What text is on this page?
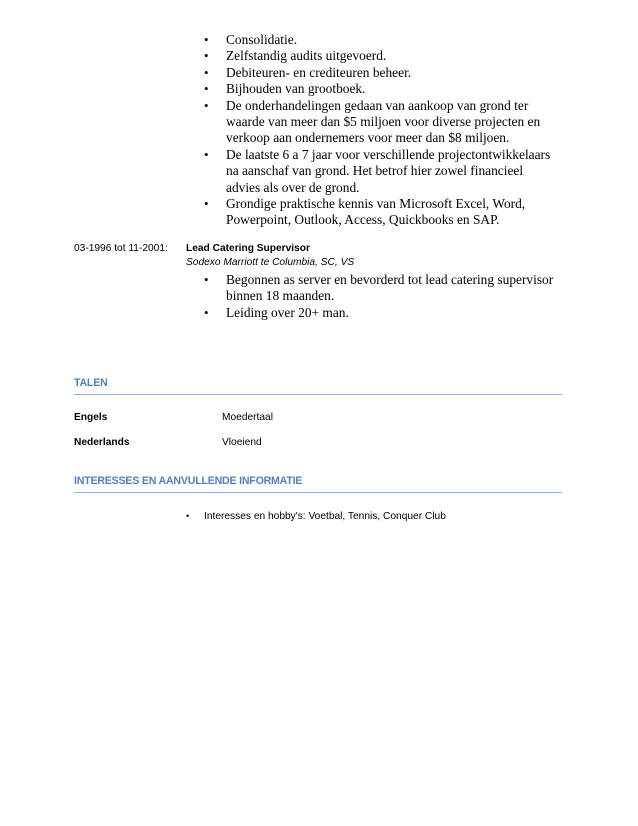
• Consolidatie.
• Zelfstandig audits uitgevoerd.
• Debiteuren- en crediteuren beheer.
• Bijhouden van grootboek.
• De onderhandelingen gedaan van aankoop van grond ter waarde van meer dan $5 miljoen voor diverse projecten en verkoop aan ondernemers voor meer dan $8 miljoen.
• De laatste 6 a 7 jaar voor verschillende projectontwikkelaars na aanschaf van grond. Het betrof hier zowel financieel advies als over de grond.
• Grondige praktische kennis van Microsoft Excel, Word, Powerpoint, Outlook, Access, Quickbooks en SAP.
03-1996 tot 11-2001: Lead Catering Supervisor
Sodexo Marriott te Columbia, SC, VS
• Begonnen as server en bevorderd tot lead catering supervisor binnen 18 maanden.
• Leiding over 20+ man.
TALEN
Engels	Moedertaal
Nederlands	Vloeiend
INTERESSES EN AANVULLENDE INFORMATIE
• Interesses en hobby's: Voetbal, Tennis, Conquer Club
